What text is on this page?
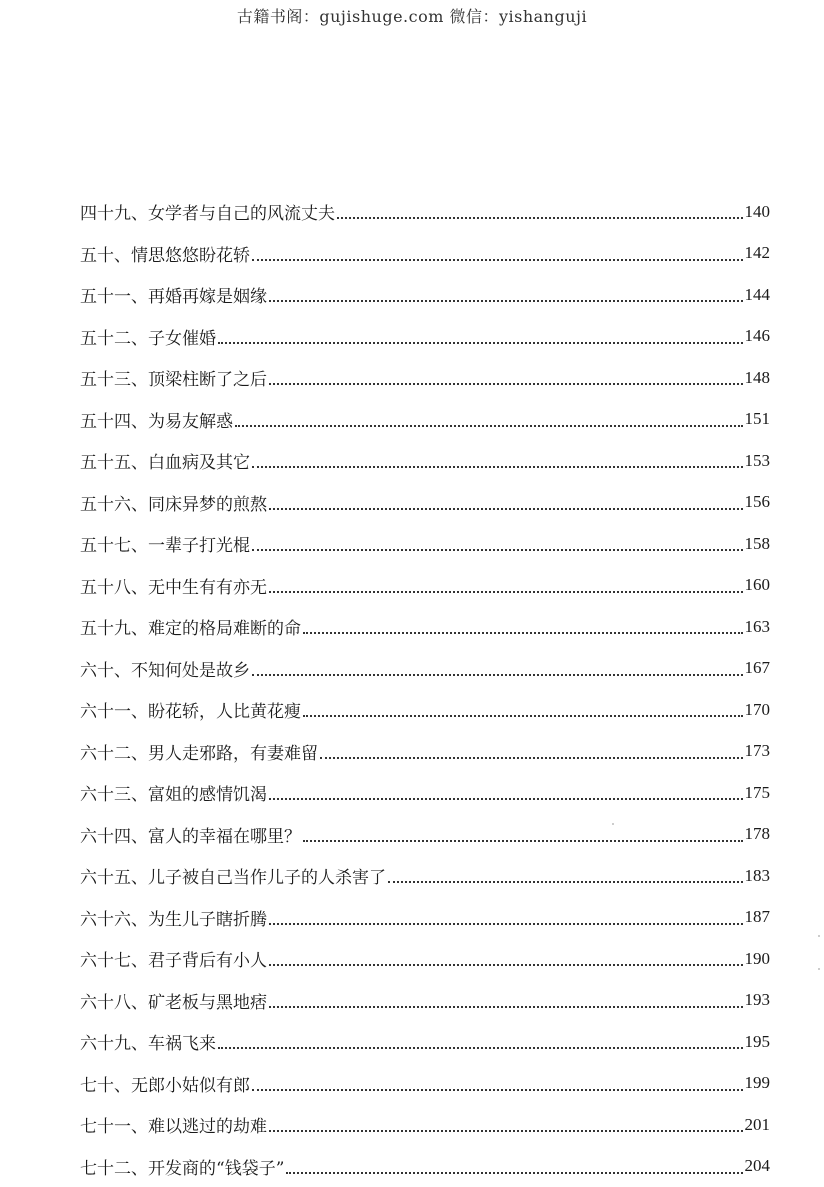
古籍书阁：gujishuge.com 微信：yishanguji
四十九、女学者与自己的风流丈夫	140
五十、情思悠悠盼花轿	142
五十一、再婚再嫁是姻缘	144
五十二、子女催婚	146
五十三、顶梁柱断了之后	148
五十四、为易友解惑	151
五十五、白血病及其它	153
五十六、同床异梦的煎熬	156
五十七、一辈子打光棍	158
五十八、无中生有有亦无	160
五十九、难定的格局难断的命	163
六十、不知何处是故乡	167
六十一、盼花轿，人比黄花瘦	170
六十二、男人走邪路，有妻难留	173
六十三、富姐的感情饥渴	175
六十四、富人的幸福在哪里？	178
六十五、儿子被自己当作儿子的人杀害了	183
六十六、为生儿子瞎折腾	187
六十七、君子背后有小人	190
六十八、矿老板与黑地痞	193
六十九、车祸飞来	195
七十、无郎小姑似有郎	199
七十一、难以逃过的劫难	201
七十二、开发商的“钱袋子”	204
